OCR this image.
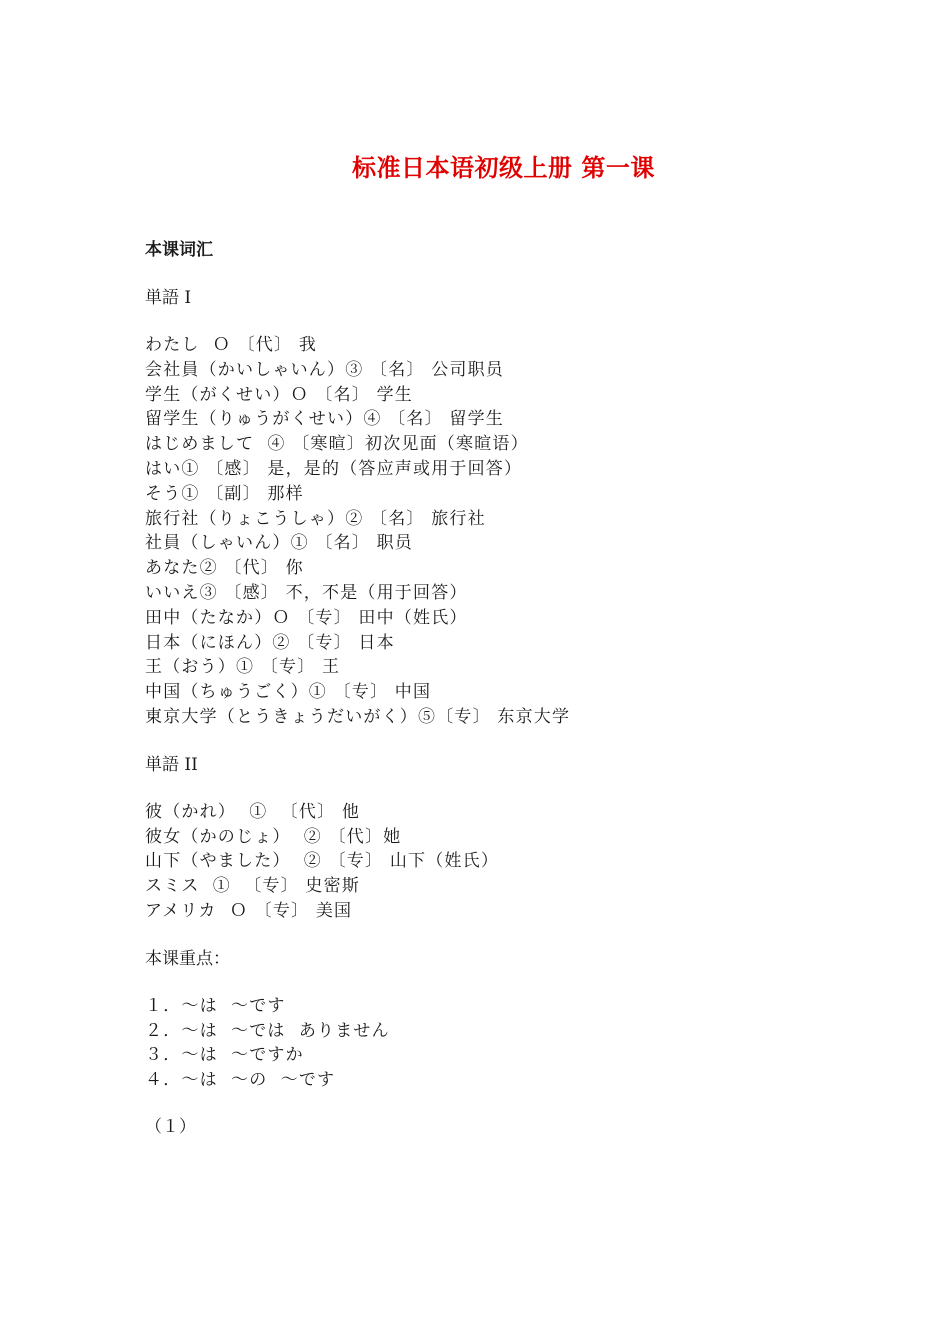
标准日本语初级上册 第一课
本课词汇
単語 I
わたし  Ｏ 〔代〕 我
会社員（かいしゃいん）③ 〔名〕 公司职员
学生（がくせい）Ｏ 〔名〕 学生
留学生（りゅうがくせい）④ 〔名〕 留学生
はじめまして  ④ 〔寒暄〕初次见面（寒暄语）
はい① 〔感〕 是，是的（答应声或用于回答）
そう① 〔副〕 那样
旅行社（りょこうしゃ）② 〔名〕 旅行社
社員（しゃいん）① 〔名〕 职员
あなた② 〔代〕 你
いいえ③ 〔感〕 不，不是（用于回答）
田中（たなか）Ｏ 〔专〕 田中（姓氏）
日本（にほん）② 〔专〕 日本
王（おう）① 〔专〕 王
中国（ちゅうごく）① 〔专〕 中国
東京大学（とうきょうだいがく）⑤〔专〕 东京大学
単語 II
彼（かれ）  ①  〔代〕 他
彼女（かのじょ）  ② 〔代〕她
山下（やました）  ② 〔专〕 山下（姓氏）
スミス  ①  〔专〕 史密斯
アメリカ  Ｏ 〔专〕 美国
本课重点：
１．～は  ～です
２．～は  ～では  ありません
３．～は  ～ですか
４．～は  ～の  ～です
（１）
